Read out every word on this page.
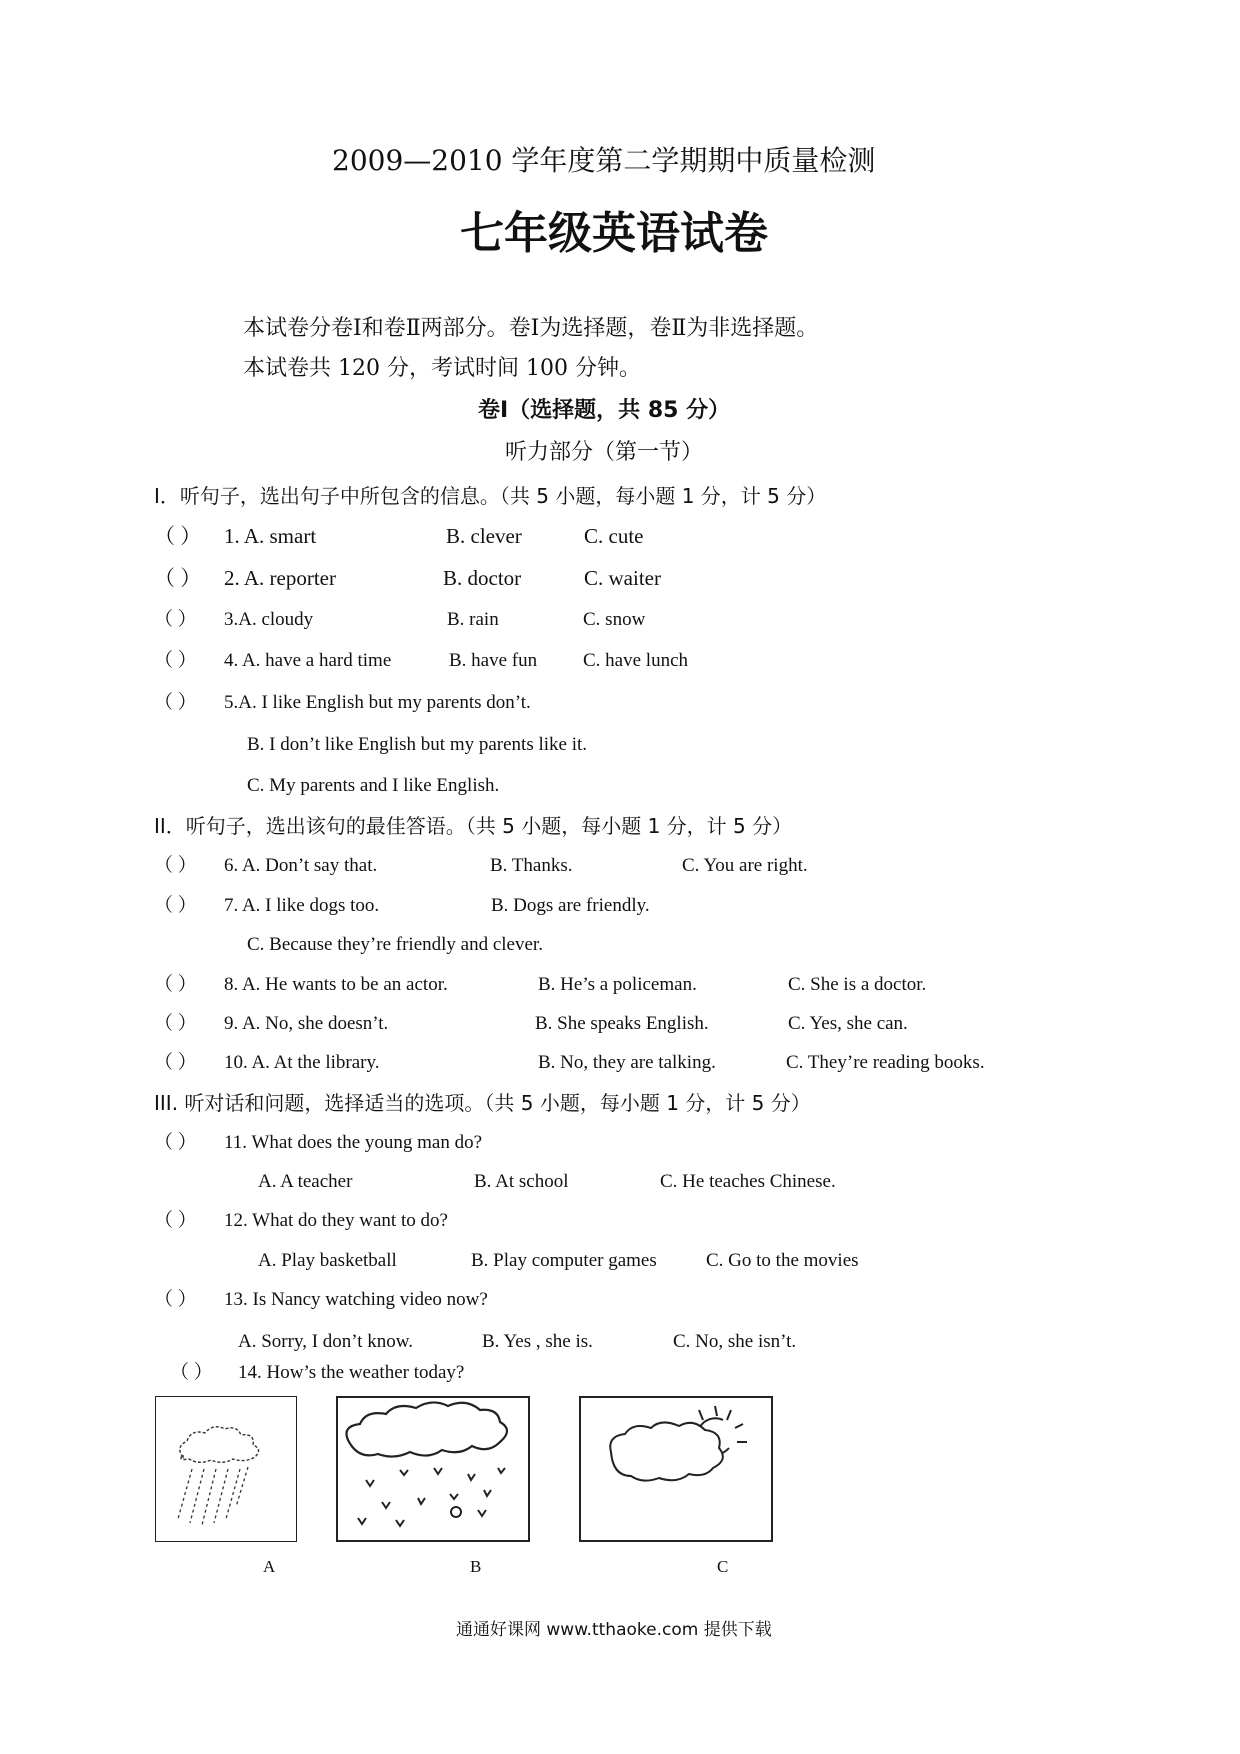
2009—2010 学年度第二学期期中质量检测
七年级英语试卷
本试卷分卷Ⅰ和卷Ⅱ两部分。卷Ⅰ为选择题，卷Ⅱ为非选择题。
本试卷共 120 分，考试时间 100 分钟。
卷Ⅰ（选择题，共 85 分）
听力部分（第一节）
I．听句子，选出句子中所包含的信息。（共 5 小题，每小题 1 分，计 5 分）
（ ） 1. A. smart	B. clever	C. cute
（ ） 2. A. reporter	B. doctor	C. waiter
（ ） 3.A. cloudy	B. rain	C. snow
（ ） 4. A. have a hard time	B. have fun C. have lunch
（ ） 5.A. I like English but my parents don’t.
B. I don’t like English but my parents like it.
C. My parents and I like English.
II．听句子，选出该句的最佳答语。（共 5 小题，每小题 1 分，计 5 分）
（ ） 6. A. Don’t say that.	B. Thanks.	C. You are right.
（ ） 7. A. I like dogs too.	B. Dogs are friendly.
C. Because they’re friendly and clever.
（ ） 8. A. He wants to be an actor.	B. He’s a policeman.	C. She is a doctor.
（ ） 9. A. No, she doesn’t.	B. She speaks English.	C. Yes, she can.
（ ） 10. A. At the library.	B. No, they are talking.	C. They’re reading books.
III. 听对话和问题，选择适当的选项。（共 5 小题，每小题 1 分，计 5 分）
（ ） 11. What does the young man do?
A. A teacher	B. At school	C. He teaches Chinese.
（ ） 12. What do they want to do?
A. Play basketball	B. Play computer games	C. Go to the movies
（ ） 13. Is Nancy watching video now?
A. Sorry, I don’t know.	B. Yes , she is.	C. No, she isn’t.
（ ） 14. How’s the weather today?
A	B	C
通通好课网 www.tthaoke.com 提供下载
